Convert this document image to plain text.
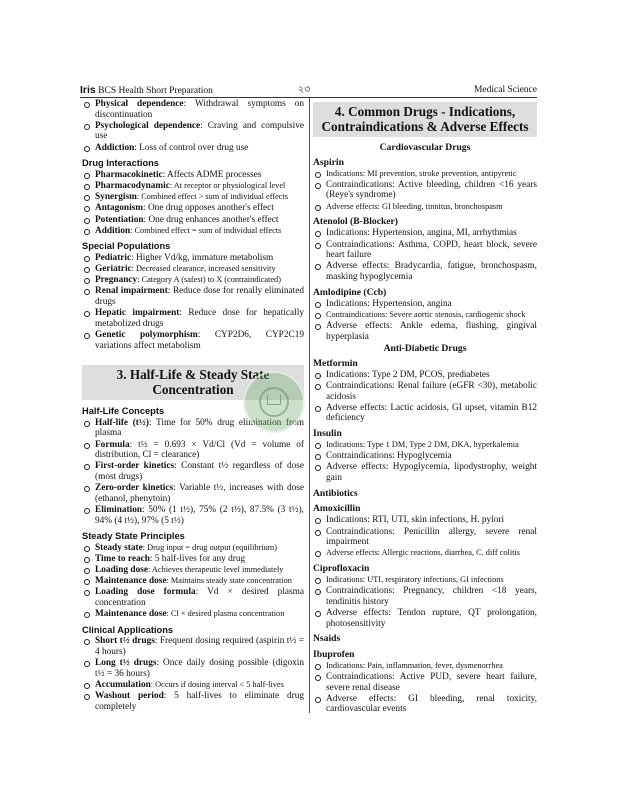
Iris BCS Health Short Preparation	২৩	Medical Science
Physical dependence: Withdrawal symptoms on discontinuation
Psychological dependence: Craving and compulsive use
Addiction: Loss of control over drug use
Drug Interactions
Pharmacokinetic: Affects ADME processes
Pharmacodynamic: At receptor or physiological level
Synergism: Combined effect > sum of individual effects
Antagonism: One drug opposes another's effect
Potentiation: One drug enhances another's effect
Addition: Combined effect = sum of individual effects
Special Populations
Pediatric: Higher Vd/kg, immature metabolism
Geriatric: Decreased clearance, increased sensitivity
Pregnancy: Category A (safest) to X (contraindicated)
Renal impairment: Reduce dose for renally eliminated drugs
Hepatic impairment: Reduce dose for hepatically metabolized drugs
Genetic polymorphism: CYP2D6, CYP2C19 variations affect metabolism
3. Half-Life & Steady State Concentration
Half-Life Concepts
Half-life (t½): Time for 50% drug elimination from plasma
Formula: t½ = 0.693 × Vd/Cl (Vd = volume of distribution, Cl = clearance)
First-order kinetics: Constant t½ regardless of dose (most drugs)
Zero-order kinetics: Variable t½, increases with dose (ethanol, phenytoin)
Elimination: 50% (1 t½), 75% (2 t½), 87.5% (3 t½), 94% (4 t½), 97% (5 t½)
Steady State Principles
Steady state: Drug input = drug output (equilibrium)
Time to reach: 5 half-lives for any drug
Loading dose: Achieves therapeutic level immediately
Maintenance dose: Maintains steady state concentration
Loading dose formula: Vd × desired plasma concentration
Maintenance dose: Cl × desired plasma concentration
Clinical Applications
Short t½ drugs: Frequent dosing required (aspirin t½ = 4 hours)
Long t½ drugs: Once daily dosing possible (digoxin t½ = 36 hours)
Accumulation: Occurs if dosing interval < 5 half-lives
Washout period: 5 half-lives to eliminate drug completely
4. Common Drugs - Indications, Contraindications & Adverse Effects
Cardiovascular Drugs
Aspirin
Indications: MI prevention, stroke prevention, antipyretic
Contraindications: Active bleeding, children <16 years (Reye's syndrome)
Adverse effects: GI bleeding, tinnitus, bronchospasm
Atenolol (B-Blocker)
Indications: Hypertension, angina, MI, arrhythmias
Contraindications: Asthma, COPD, heart block, severe heart failure
Adverse effects: Bradycardia, fatigue, bronchospasm, masking hypoglycemia
Amlodipine (Ccb)
Indications: Hypertension, angina
Contraindications: Severe aortic stenosis, cardiogenic shock
Adverse effects: Ankle edema, flushing, gingival hyperplasia
Anti-Diabetic Drugs
Metformin
Indications: Type 2 DM, PCOS, prediabetes
Contraindications: Renal failure (eGFR <30), metabolic acidosis
Adverse effects: Lactic acidosis, GI upset, vitamin B12 deficiency
Insulin
Indications: Type 1 DM, Type 2 DM, DKA, hyperkalemia
Contraindications: Hypoglycemia
Adverse effects: Hypoglycemia, lipodystrophy, weight gain
Antibiotics
Amoxicillin
Indications: RTI, UTI, skin infections, H. pylori
Contraindications: Penicillin allergy, severe renal impairment
Adverse effects: Allergic reactions, diarrhea, C. diff colitis
Ciprofloxacin
Indications: UTI, respiratory infections, GI infections
Contraindications: Pregnancy, children <18 years, tendinitis history
Adverse effects: Tendon rupture, QT prolongation, photosensitivity
Nsaids
Ibuprofen
Indications: Pain, inflammation, fever, dysmenorrhea
Contraindications: Active PUD, severe heart failure, severe renal disease
Adverse effects: GI bleeding, renal toxicity, cardiovascular events
